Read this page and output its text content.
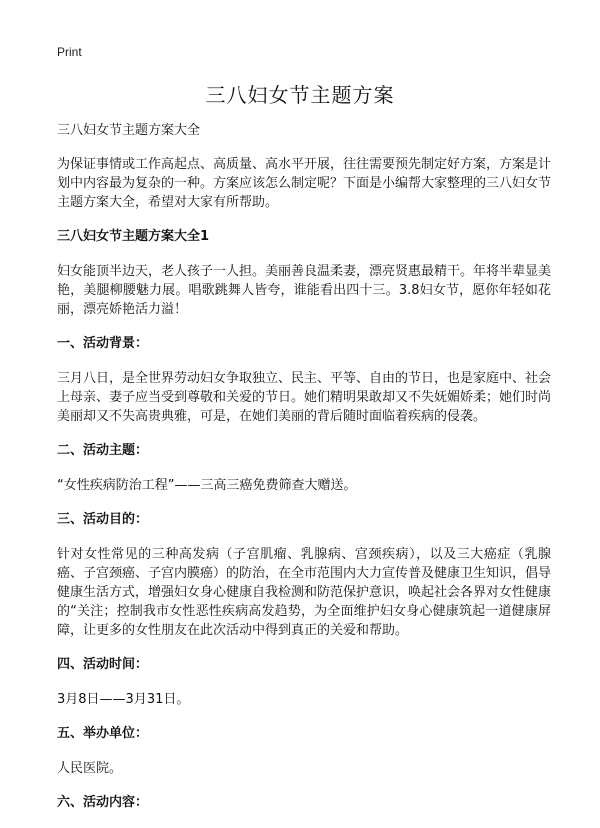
Print
三八妇女节主题方案

三八妇女节主题方案大全

为保证事情或工作高起点、高质量、高水平开展，往往需要预先制定好方案，方案是计划中内容最为复杂的一种。方案应该怎么制定呢？下面是小编帮大家整理的三八妇女节主题方案大全，希望对大家有所帮助。

三八妇女节主题方案大全1

妇女能顶半边天，老人孩子一人担。美丽善良温柔妻，漂亮贤惠最精干。年将半辈显美艳，美腿柳腰魅力展。唱歌跳舞人皆夸，谁能看出四十三。3.8妇女节，愿你年轻如花丽，漂亮娇艳活力溢！

一、活动背景：

三月八日，是全世界劳动妇女争取独立、民主、平等、自由的节日，也是家庭中、社会上母亲、妻子应当受到尊敬和关爱的节日。她们精明果敢却又不失妩媚娇柔；她们时尚美丽却又不失高贵典雅，可是，在她们美丽的背后随时面临着疾病的侵袭。

二、活动主题：

“女性疾病防治工程”——三高三癌免费筛查大赠送。

三、活动目的：

针对女性常见的三种高发病（子宫肌瘤、乳腺病、宫颈疾病），以及三大癌症（乳腺癌、子宫颈癌、子宫内膜癌）的防治，在全市范围内大力宣传普及健康卫生知识，倡导健康生活方式，增强妇女身心健康自我检测和防范保护意识，唤起社会各界对女性健康的“关注；控制我市女性恶性疾病高发趋势，为全面维护妇女身心健康筑起一道健康屏障，让更多的女性朋友在此次活动中得到真正的关爱和帮助。

四、活动时间：

3月8日——3月31日。

五、举办单位：

人民医院。

六、活动内容：
